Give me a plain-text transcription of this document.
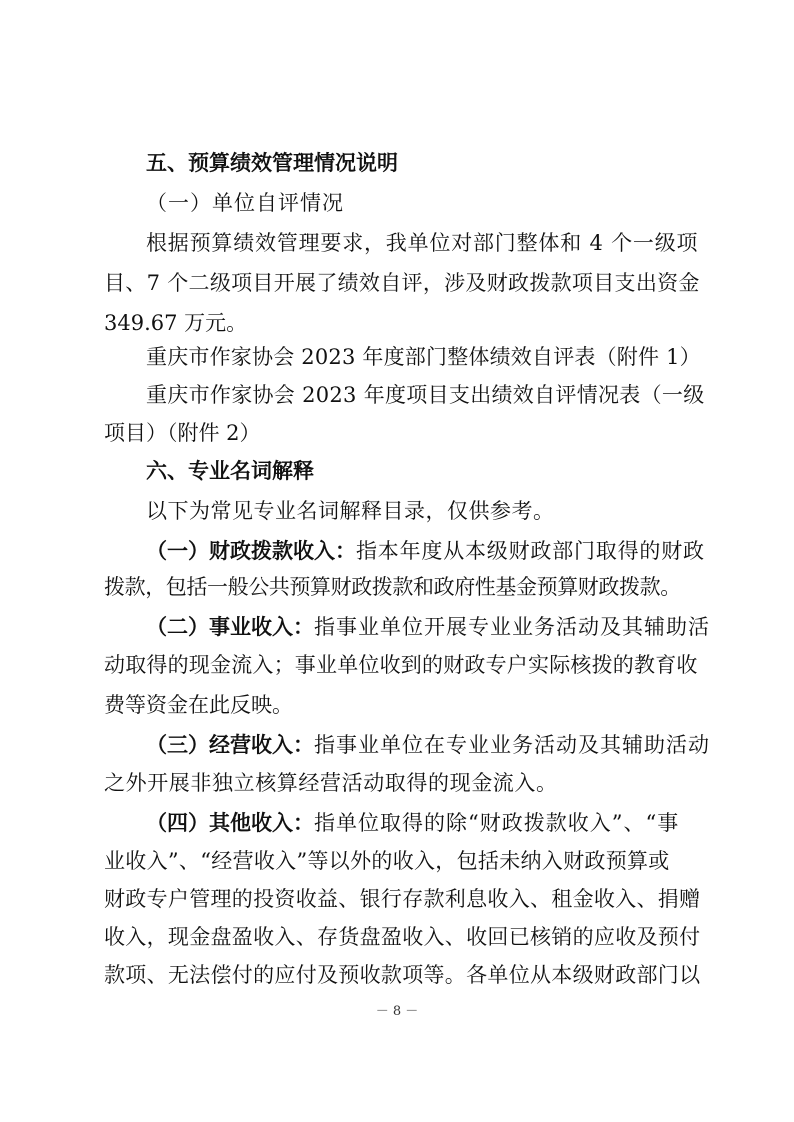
五、预算绩效管理情况说明
（一）单位自评情况
根据预算绩效管理要求，我单位对部门整体和 4 个一级项
目、7 个二级项目开展了绩效自评，涉及财政拨款项目支出资金
349.67 万元。
重庆市作家协会 2023 年度部门整体绩效自评表（附件 1）
重庆市作家协会 2023 年度项目支出绩效自评情况表（一级
项目）（附件 2）
六、专业名词解释
以下为常见专业名词解释目录，仅供参考。
（一）财政拨款收入：指本年度从本级财政部门取得的财政
拨款，包括一般公共预算财政拨款和政府性基金预算财政拨款。
（二）事业收入：指事业单位开展专业业务活动及其辅助活
动取得的现金流入；事业单位收到的财政专户实际核拨的教育收
费等资金在此反映。
（三）经营收入：指事业单位在专业业务活动及其辅助活动
之外开展非独立核算经营活动取得的现金流入。
（四）其他收入：指单位取得的除“财政拨款收入”、“事
业收入”、“经营收入”等以外的收入，包括未纳入财政预算或
财政专户管理的投资收益、银行存款利息收入、租金收入、捐赠
收入，现金盘盈收入、存货盘盈收入、收回已核销的应收及预付
款项、无法偿付的应付及预收款项等。各单位从本级财政部门以
－ 8 －
